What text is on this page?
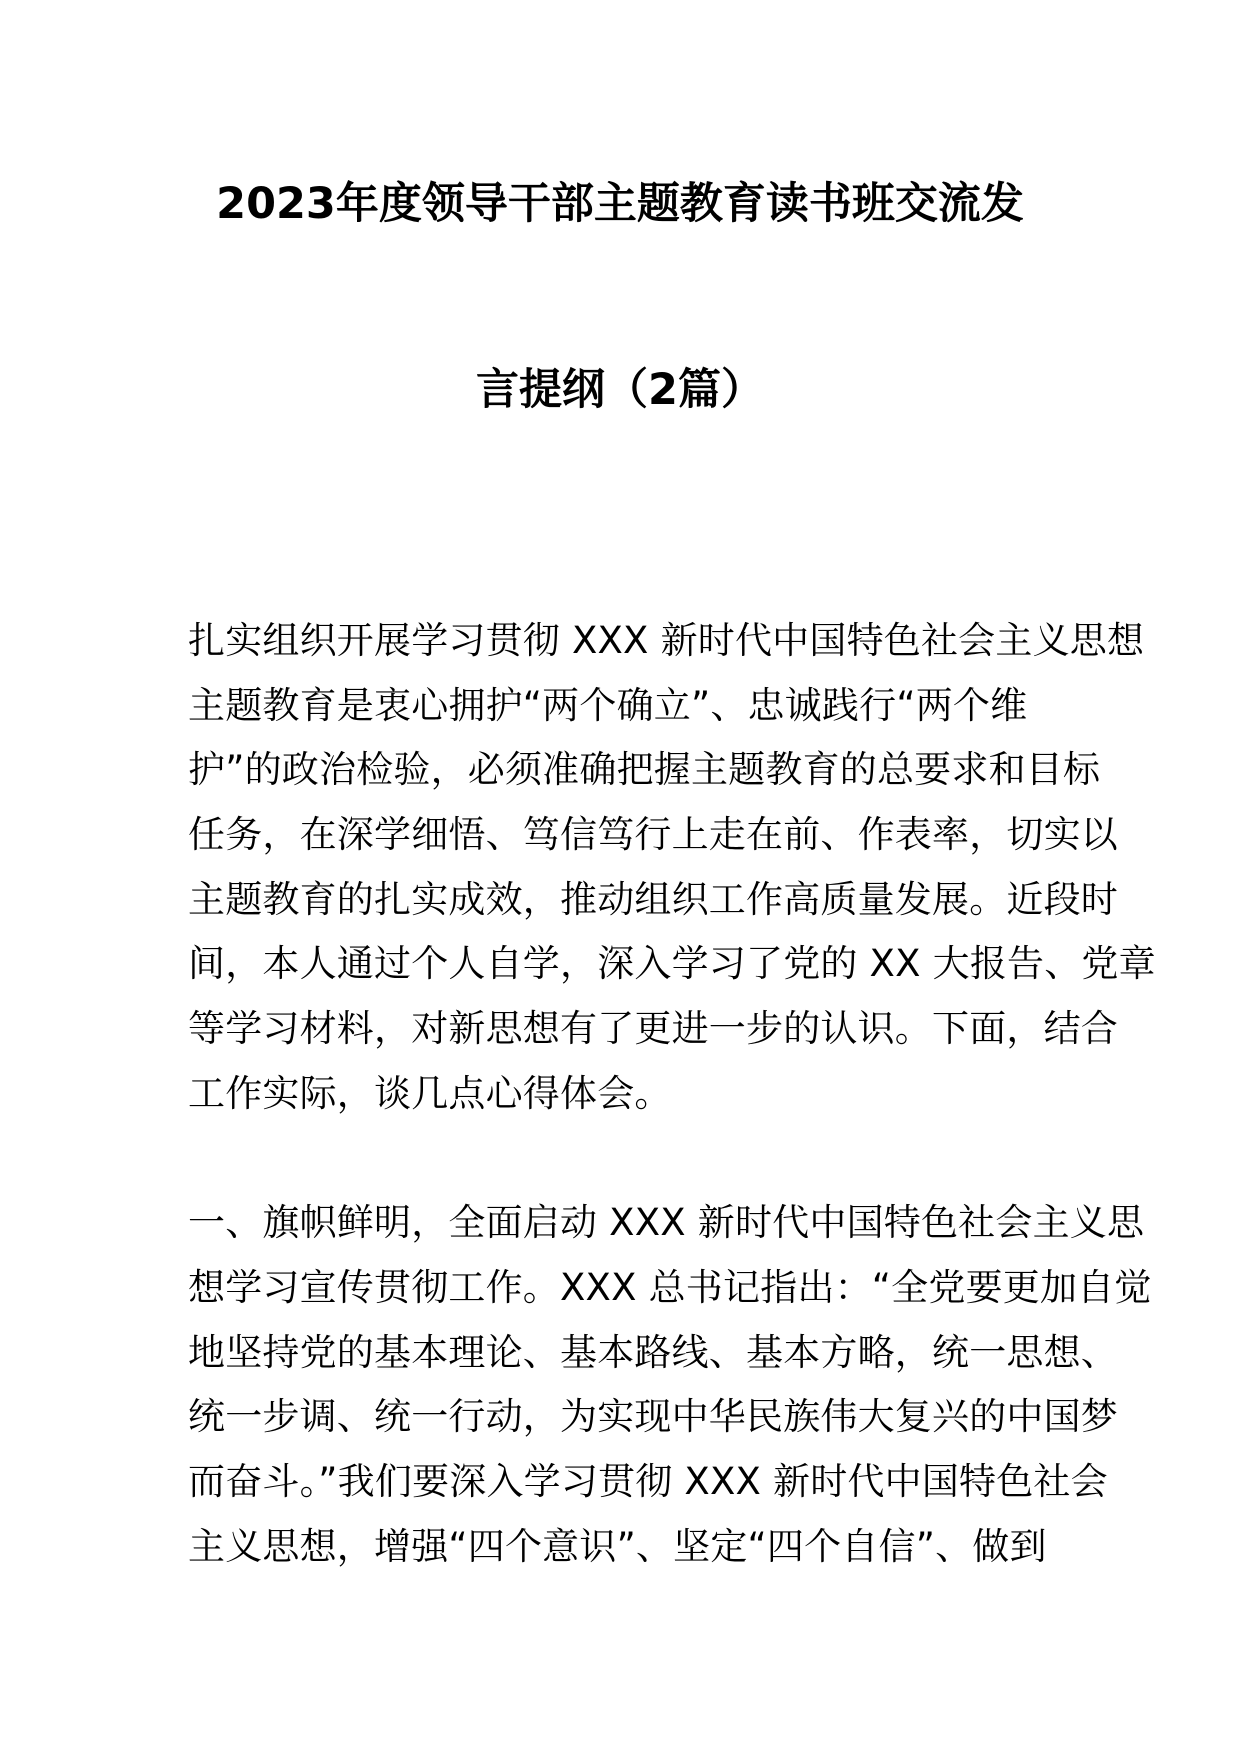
2023年度领导干部主题教育读书班交流发
言提纲（2篇）
扎实组织开展学习贯彻 XXX 新时代中国特色社会主义思想
主题教育是衷心拥护“两个确立”、忠诚践行“两个维
护”的政治检验，必须准确把握主题教育的总要求和目标
任务，在深学细悟、笃信笃行上走在前、作表率，切实以
主题教育的扎实成效，推动组织工作高质量发展。近段时
间，本人通过个人自学，深入学习了党的 XX 大报告、党章
等学习材料，对新思想有了更进一步的认识。下面，结合
工作实际，谈几点心得体会。
一、旗帜鲜明，全面启动 XXX 新时代中国特色社会主义思
想学习宣传贯彻工作。XXX 总书记指出：“全党要更加自觉
地坚持党的基本理论、基本路线、基本方略，统一思想、
统一步调、统一行动，为实现中华民族伟大复兴的中国梦
而奋斗。”我们要深入学习贯彻 XXX 新时代中国特色社会
主义思想，增强“四个意识”、坚定“四个自信”、做到
